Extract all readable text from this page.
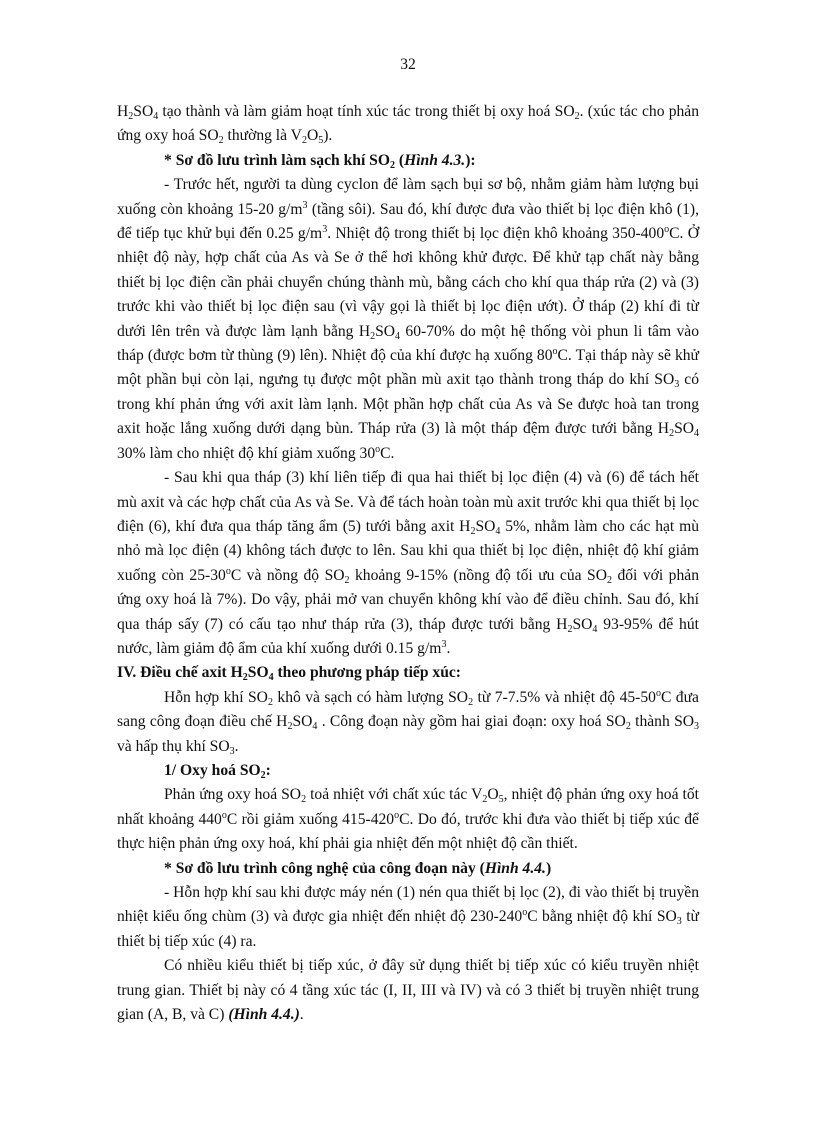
32

$H_2SO_4$ tạo thành và làm giảm hoạt tính xúc tác trong thiết bị oxy hoá $SO_2$. (xúc tác cho phản ứng oxy hoá $SO_2$ thường là $V_2O_5$).

* Sơ đồ lưu trình làm sạch khí $SO_2$ (Hình 4.3.):

- Trước hết, người ta dùng cyclon để làm sạch bụi sơ bộ, nhằm giảm hàm lượng bụi xuống còn khoảng 15-20 $g/m^3$ (tầng sôi). Sau đó, khí được đưa vào thiết bị lọc điện khô (1), để tiếp tục khử bụi đến 0.25 $g/m^3$. Nhiệt độ trong thiết bị lọc điện khô khoảng 350-400$^o$C. Ở nhiệt độ này, hợp chất của As và Se ở thể hơi không khử được. Để khử tạp chất này bằng thiết bị lọc điện cần phải chuyển chúng thành mù, bằng cách cho khí qua tháp rửa (2) và (3) trước khi vào thiết bị lọc điện sau (vì vậy gọi là thiết bị lọc điện ướt). Ở tháp (2) khí đi từ dưới lên trên và được làm lạnh bằng $H_2SO_4$ 60-70% do một hệ thống vòi phun li tâm vào tháp (được bơm từ thùng (9) lên). Nhiệt độ của khí được hạ xuống 80$^o$C. Tại tháp này sẽ khử một phần bụi còn lại, ngưng tụ được một phần mù axit tạo thành trong tháp do khí $SO_3$ có trong khí phản ứng với axit làm lạnh. Một phần hợp chất của As và Se được hoà tan trong axit hoặc lắng xuống dưới dạng bùn. Tháp rửa (3) là một tháp đệm được tưới bằng $H_2SO_4$ 30% làm cho nhiệt độ khí giảm xuống 30$^o$C.

- Sau khi qua tháp (3) khí liên tiếp đi qua hai thiết bị lọc điện (4) và (6) để tách hết mù axit và các hợp chất của As và Se. Và để tách hoàn toàn mù axit trước khi qua thiết bị lọc điện (6), khí đưa qua tháp tăng ẩm (5) tưới bằng axit $H_2SO_4$ 5%, nhằm làm cho các hạt mù nhỏ mà lọc điện (4) không tách được to lên. Sau khi qua thiết bị lọc điện, nhiệt độ khí giảm xuống còn 25-30$^o$C và nồng độ $SO_2$ khoảng 9-15% (nồng độ tối ưu của $SO_2$ đối với phản ứng oxy hoá là 7%). Do vậy, phải mở van chuyển không khí vào để điều chỉnh. Sau đó, khí qua tháp sấy (7) có cấu tạo như tháp rửa (3), tháp được tưới bằng $H_2SO_4$ 93-95% để hút nước, làm giảm độ ẩm của khí xuống dưới 0.15 $g/m^3$.

IV. Điều chế axit $H_2SO_4$ theo phương pháp tiếp xúc:

Hỗn hợp khí $SO_2$ khô và sạch có hàm lượng $SO_2$ từ 7-7.5% và nhiệt độ 45-50$^o$C đưa sang công đoạn điều chế $H_2SO_4$ . Công đoạn này gồm hai giai đoạn: oxy hoá $SO_2$ thành $SO_3$ và hấp thụ khí $SO_3$.

1/ Oxy hoá $SO_2$:

Phản ứng oxy hoá $SO_2$ toả nhiệt với chất xúc tác $V_2O_5$, nhiệt độ phản ứng oxy hoá tốt nhất khoảng 440$^o$C rồi giảm xuống 415-420$^o$C. Do đó, trước khi đưa vào thiết bị tiếp xúc để thực hiện phản ứng oxy hoá, khí phải gia nhiệt đến một nhiệt độ cần thiết.

* Sơ đồ lưu trình công nghệ của công đoạn này (Hình 4.4.)

- Hỗn hợp khí sau khi được máy nén (1) nén qua thiết bị lọc (2), đi vào thiết bị truyền nhiệt kiểu ống chùm (3) và được gia nhiệt đến nhiệt độ 230-240$^o$C bằng nhiệt độ khí $SO_3$ từ thiết bị tiếp xúc (4) ra.

Có nhiều kiểu thiết bị tiếp xúc, ở đây sử dụng thiết bị tiếp xúc có kiểu truyền nhiệt trung gian. Thiết bị này có 4 tầng xúc tác (I, II, III và IV) và có 3 thiết bị truyền nhiệt trung gian (A, B, và C) (Hình 4.4.).
